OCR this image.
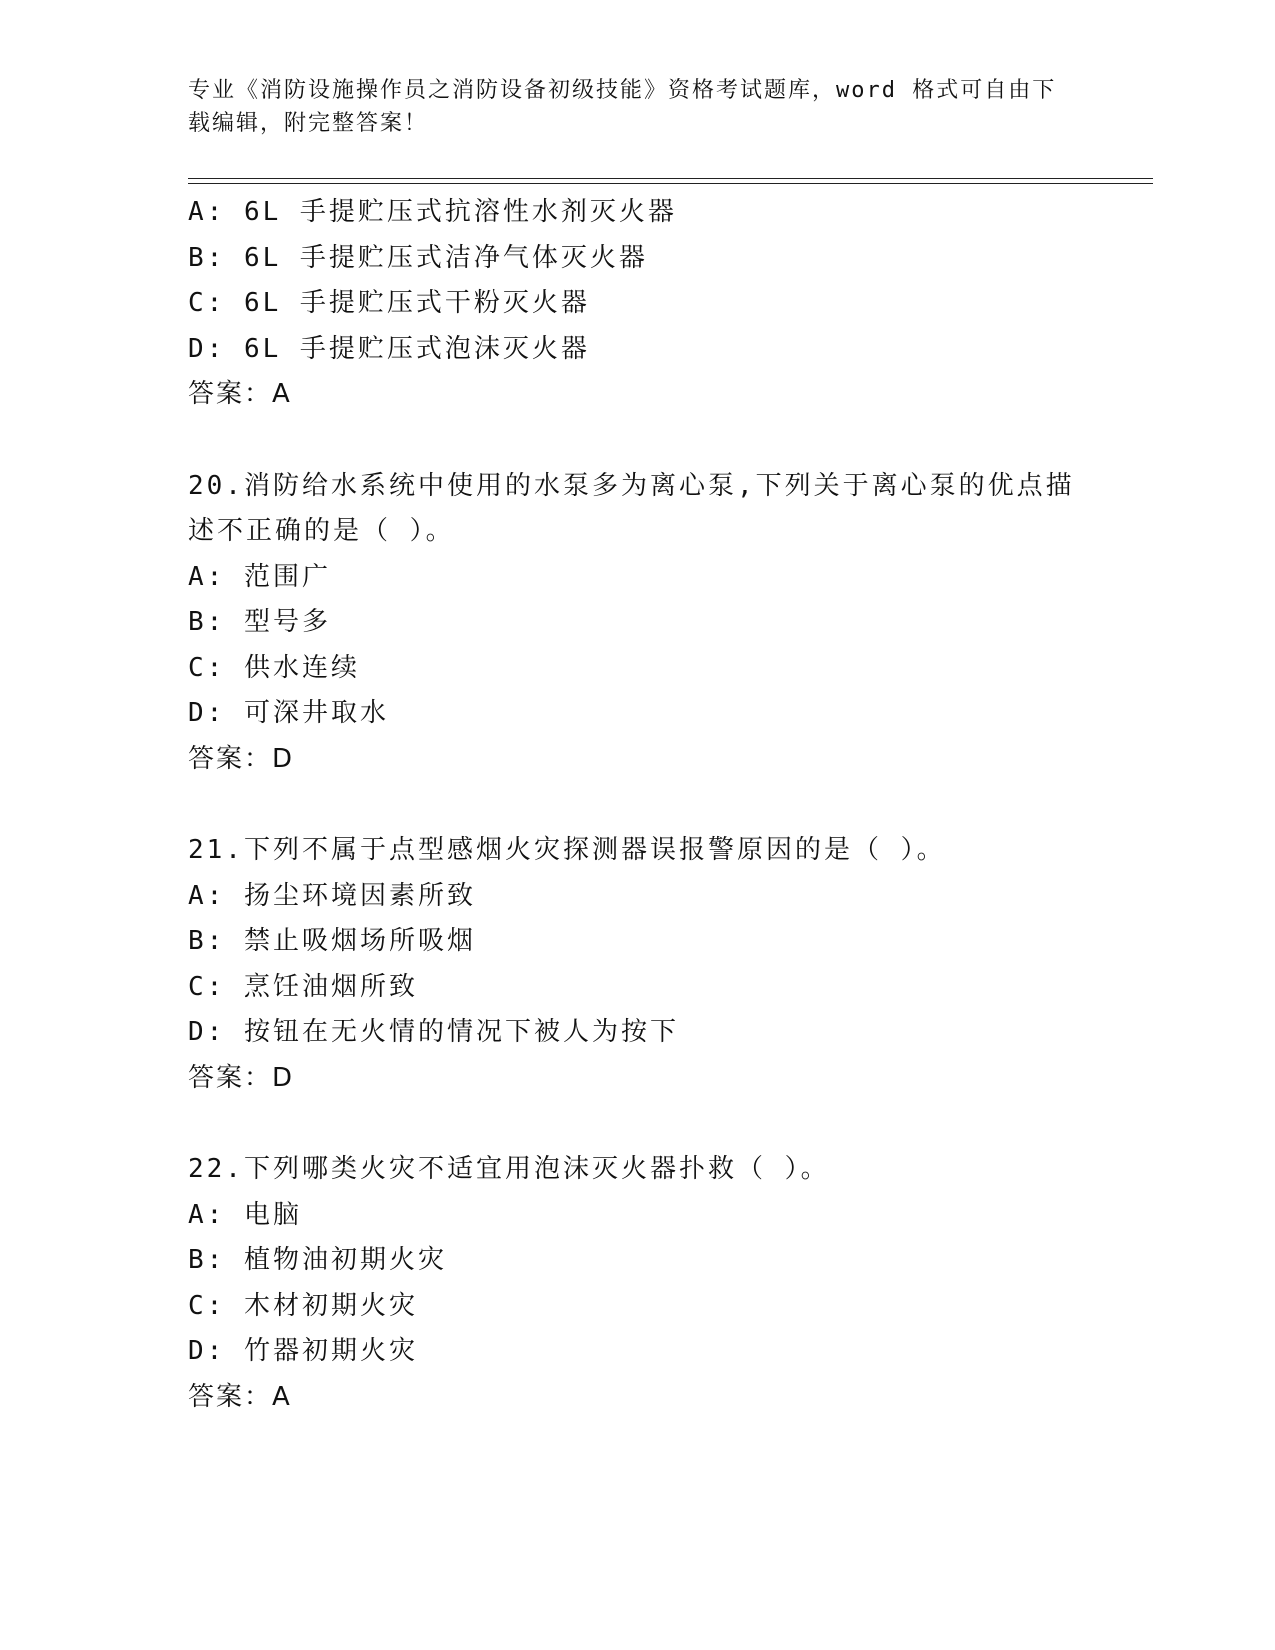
专业《消防设施操作员之消防设备初级技能》资格考试题库，word 格式可自由下
载编辑，附完整答案！
A: 6L 手提贮压式抗溶性水剂灭火器
B: 6L 手提贮压式洁净气体灭火器
C: 6L 手提贮压式干粉灭火器
D: 6L 手提贮压式泡沫灭火器
答案：A
20.消防给水系统中使用的水泵多为离心泵,下列关于离心泵的优点描
述不正确的是（ ）。
A: 范围广
B: 型号多
C: 供水连续
D: 可深井取水
答案：D
21.下列不属于点型感烟火灾探测器误报警原因的是（ ）。
A: 扬尘环境因素所致
B: 禁止吸烟场所吸烟
C: 烹饪油烟所致
D: 按钮在无火情的情况下被人为按下
答案：D
22.下列哪类火灾不适宜用泡沫灭火器扑救（ ）。
A: 电脑
B: 植物油初期火灾
C: 木材初期火灾
D: 竹器初期火灾
答案：A
